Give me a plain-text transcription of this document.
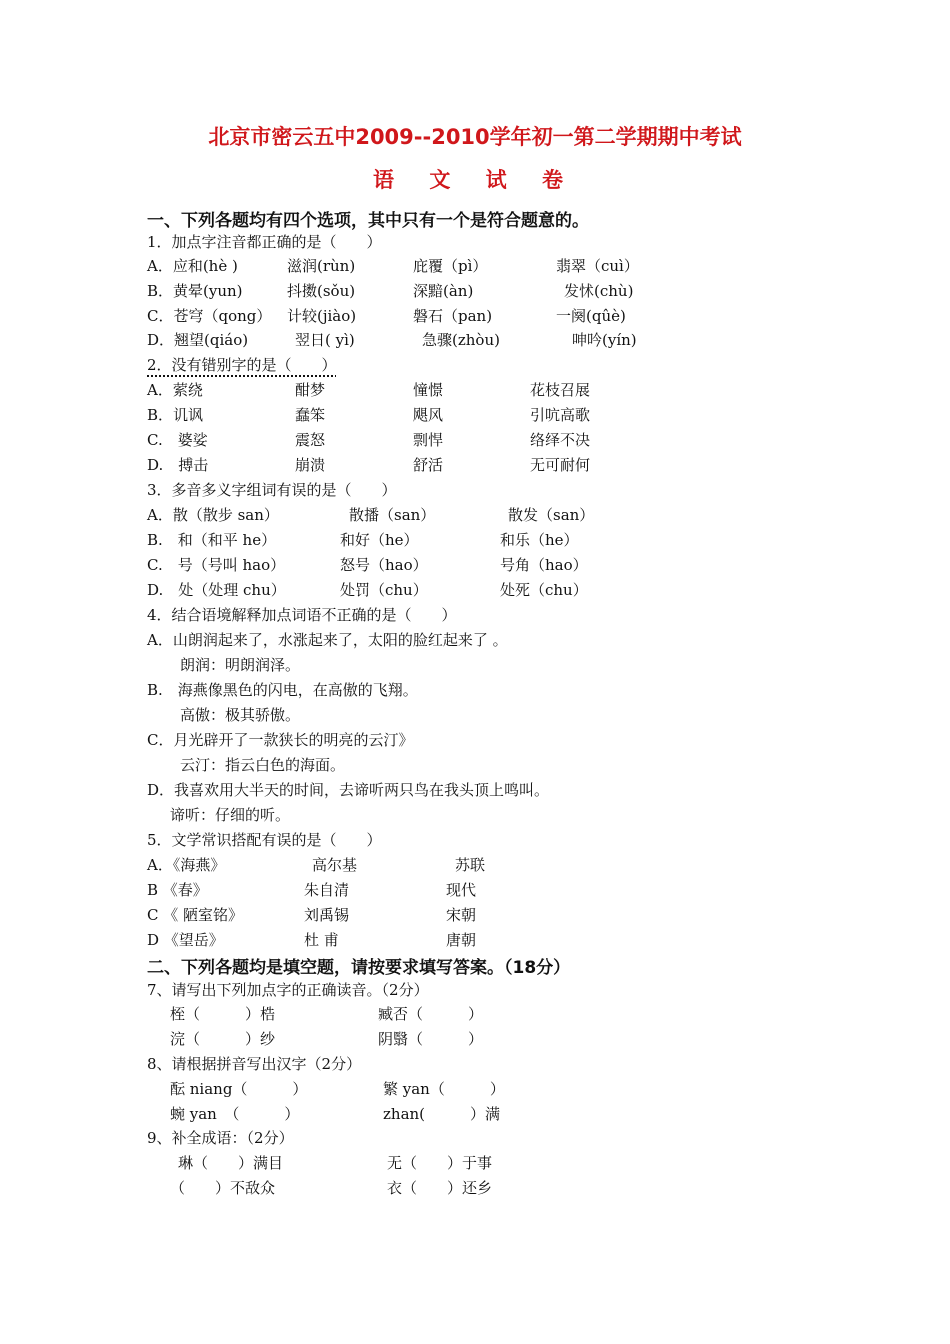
北京市密云五中2009--2010学年初一第二学期期中考试
语 文 试 卷
一、下列各题均有四个选项，其中只有一个是符合题意的。
1．加点字注音都正确的是（　　）
A．应和(hè )	滋润(rùn)	庇覆（pì）	翡翠（cuì）
B．黄晕(yun)	抖擞(sǒu)	深黯(àn)	发怵(chù)
C．苍穹（qong） 计较(jiào)	磐石（pan)	一阕(qûè)
D．翘望(qiáo)	翌日( yì)	急骤(zhòu)	呻吟(yín)
2．没有错别字的是（　　）
A．萦绕	酣梦	憧憬	花枝召展
B．讥讽	蠢笨	飓风	引吭高歌
C.　婆娑	震怒	剽悍	络绎不决
D.　搏击	崩溃	舒活	无可耐何
3．多音多义字组词有误的是（　　）
A．散（散步 san）	散播（san）	散发（san）
B.　和（和平 he）	和好（he）	和乐（he）
C.　号（号叫 hao）	怒号（hao）	号角（hao）
D.　处（处理 chu）	处罚（chu）	处死（chu）
4．结合语境解释加点词语不正确的是（　　）
A．山朗润起来了，水涨起来了，太阳的脸红起来了 。
朗润：明朗润泽。
B.　海燕像黑色的闪电，在高傲的飞翔。
高傲：极其骄傲。
C．月光辟开了一款狭长的明亮的云汀》
云汀：指云白色的海面。
D．我喜欢用大半天的时间，去谛听两只鸟在我头顶上鸣叫。
谛听：仔细的听。
5．文学常识搭配有误的是（　　）
A．《海燕》	高尔基	苏联
B 《春》	朱自清	现代
C 《 陋室铭》	刘禹锡	宋朝
D 《望岳》	杜 甫	唐朝
二、下列各题均是填空题，请按要求填写答案。（18分）
7、请写出下列加点字的正确读音。（2分）
桎（　　　）梏	臧否（　　　）
浣（　　　）纱	阴翳（　　　）
8、请根据拼音写出汉字（2分）
酝 niang（　　　）	繁 yan（　　　）
蜿 yan　（　　　）	zhan(　　　）满
9、补全成语：（2分）
琳（　　）满目	无（　　）于事
（　　）不敌众	衣（　　）还乡
